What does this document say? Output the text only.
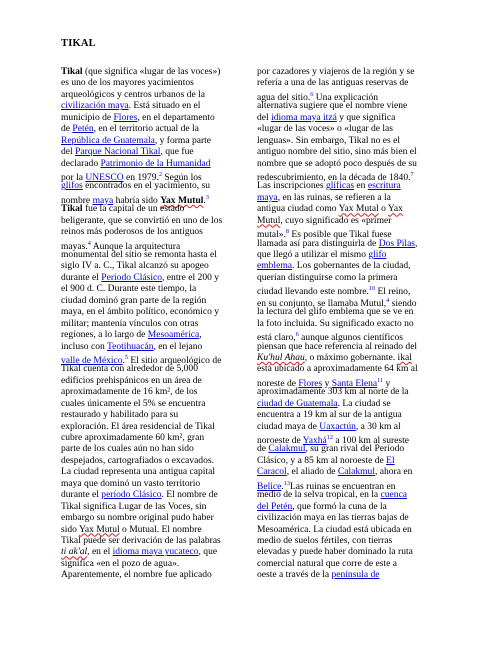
TIKAL
Tikal (que significa «lugar de las voces»)
es uno de los mayores yacimientos
arqueológicos y centros urbanos de la
civilización maya. Está situado en el
municipio de Flores, en el departamento
de Petén, en el territorio actual de la
República de Guatemala, y forma parte
del Parque Nacional Tikal, que fue
declarado Patrimonio de la Humanidad
por la UNESCO en 1979.$^2$ Según los
glifos encontrados en el yacimiento, su
nombre maya habría sido Yax Mutul.$^3$
Tikal fue la capital de un estado
beligerante, que se convirtió en uno de los
reinos más poderosos de los antiguos
mayas.$^4$ Aunque la arquitectura
monumental del sitio se remonta hasta el
siglo IV a. C., Tikal alcanzó su apogeo
durante el Período Clásico, entre el 200 y
el 900 d. C. Durante este tiempo, la
ciudad dominó gran parte de la región
maya, en el ámbito político, económico y
militar; mantenía vínculos con otras
regiones, a lo largo de Mesoamérica,
incluso con Teotihuacán, en el lejano
valle de México.$^5$ El sitio arqueológico de
Tikal cuenta con alrededor de 5,000
edificios prehispánicos en un área de
aproximadamente de 16 km², de los
cuales únicamente el 5% se encuentra
restaurado y habilitado para su
exploración. El área residencial de Tikal
cubre aproximadamente 60 km², gran
parte de los cuales aún no han sido
despejados, cartografiados o excavados.
La ciudad representa una antigua capital
maya que dominó un vasto territorio
durante el período Clásico. El nombre de
Tikal significa Lugar de las Voces, sin
embargo su nombre original pudo haber
sido Yax Mutul o Mutual. El nombre
Tikal puede ser derivación de las palabras
ti ak'al, en el idioma maya yucateco, que
significa «en el pozo de agua».
Aparentemente, el nombre fue aplicado
por cazadores y viajeros de la región y se
refería a una de las antiguas reservas de
agua del sitio.$^6$ Una explicación
alternativa sugiere que el nombre viene
del idioma maya itzá y que significa
«lugar de las voces» o «lugar de las
lenguas». Sin embargo, Tikal no es el
antiguo nombre del sitio, sino más bien el
nombre que se adoptó poco después de su
redescubrimiento, en la década de 1840.$^7$
Las inscripciones glíficas en escritura
maya, en las ruinas, se refieren a la
antigua ciudad como Yax Mutal o Yax
Mutul, cuyo significado es «primer
mutal».$^8$ Es posible que Tikal fuese
llamada así para distinguirla de Dos Pilas,
que llegó a utilizar el mismo glifo
emblema. Los gobernantes de la ciudad,
querían distinguirse como la primera
ciudad llevando este nombre.$^{10}$ El reino,
en su conjunto, se llamaba Mutul,$^4$ siendo
la lectura del glifo emblema que se ve en
la foto incluida. Su significado exacto no
está claro,$^6$ aunque algunos científicos
piensan que hace referencia al reinado del
Ku'hul Ahau, o máximo gobernante. ikal
está ubicado a aproximadamente 64 km al
noreste de Flores y Santa Elena$^{11}$ y
aproximadamente 303 km al norte de la
ciudad de Guatemala. La ciudad se
encuentra a 19 km al sur de la antigua
ciudad maya de Uaxactún, a 30 km al
noroeste de Yaxhá$^{12}$ a 100 km al sureste
de Calakmul, su gran rival del Período
Clásico, y a 85 km al noroeste de El
Caracol, el aliado de Calakmul, ahora en
Belice.$^{13}$Las ruinas se encuentran en
medio de la selva tropical, en la cuenca
del Petén, que formó la cuna de la
civilización maya en las tierras bajas de
Mesoamérica. La ciudad está ubicada en
medio de suelos fértiles, con tierras
elevadas y puede haber dominado la ruta
comercial natural que corre de este a
oeste a través de la península de
